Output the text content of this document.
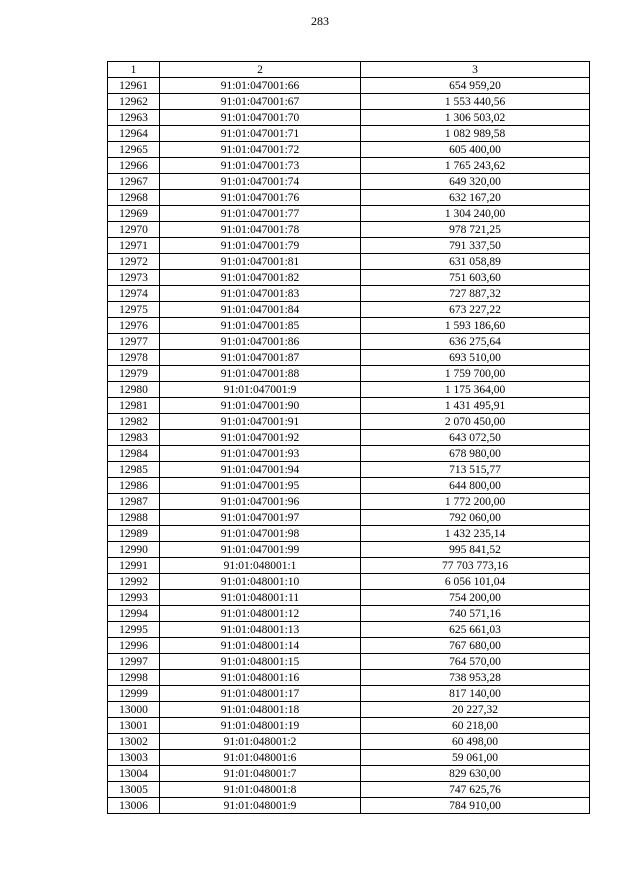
283
1	2	3
12961	91:01:047001:66	654 959,20
12962	91:01:047001:67	1 553 440,56
12963	91:01:047001:70	1 306 503,02
12964	91:01:047001:71	1 082 989,58
12965	91:01:047001:72	605 400,00
12966	91:01:047001:73	1 765 243,62
12967	91:01:047001:74	649 320,00
12968	91:01:047001:76	632 167,20
12969	91:01:047001:77	1 304 240,00
12970	91:01:047001:78	978 721,25
12971	91:01:047001:79	791 337,50
12972	91:01:047001:81	631 058,89
12973	91:01:047001:82	751 603,60
12974	91:01:047001:83	727 887,32
12975	91:01:047001:84	673 227,22
12976	91:01:047001:85	1 593 186,60
12977	91:01:047001:86	636 275,64
12978	91:01:047001:87	693 510,00
12979	91:01:047001:88	1 759 700,00
12980	91:01:047001:9	1 175 364,00
12981	91:01:047001:90	1 431 495,91
12982	91:01:047001:91	2 070 450,00
12983	91:01:047001:92	643 072,50
12984	91:01:047001:93	678 980,00
12985	91:01:047001:94	713 515,77
12986	91:01:047001:95	644 800,00
12987	91:01:047001:96	1 772 200,00
12988	91:01:047001:97	792 060,00
12989	91:01:047001:98	1 432 235,14
12990	91:01:047001:99	995 841,52
12991	91:01:048001:1	77 703 773,16
12992	91:01:048001:10	6 056 101,04
12993	91:01:048001:11	754 200,00
12994	91:01:048001:12	740 571,16
12995	91:01:048001:13	625 661,03
12996	91:01:048001:14	767 680,00
12997	91:01:048001:15	764 570,00
12998	91:01:048001:16	738 953,28
12999	91:01:048001:17	817 140,00
13000	91:01:048001:18	20 227,32
13001	91:01:048001:19	60 218,00
13002	91:01:048001:2	60 498,00
13003	91:01:048001:6	59 061,00
13004	91:01:048001:7	829 630,00
13005	91:01:048001:8	747 625,76
13006	91:01:048001:9	784 910,00
